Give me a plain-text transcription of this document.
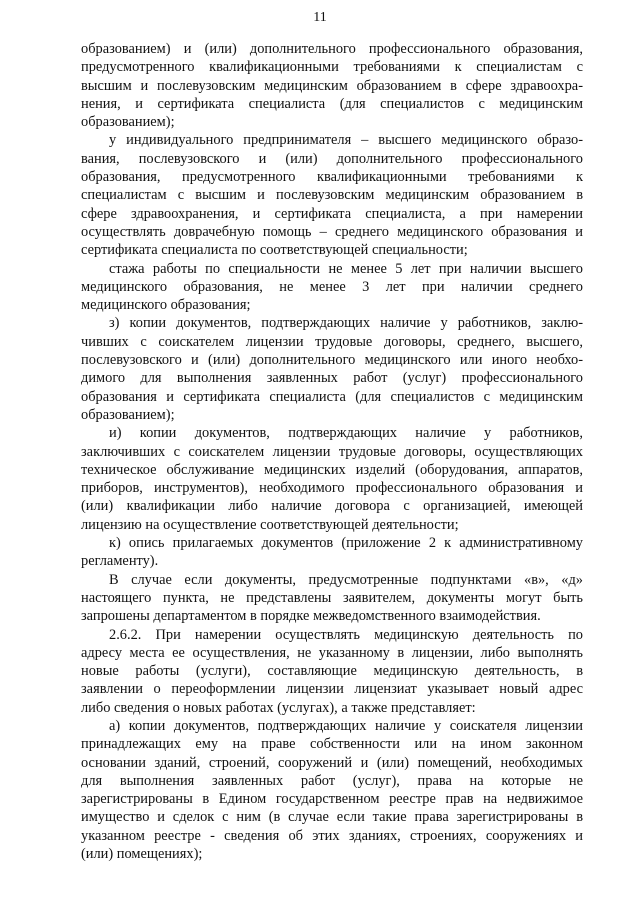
11
образованием) и (или) дополнительного профессионального образования,
предусмотренного квалификационными требованиями к специалистам с
высшим и послевузовским медицинским образованием в сфере здравоохра-
нения, и сертификата специалиста (для специалистов с медицинским
образованием);
у индивидуального предпринимателя – высшего медицинского образо-
вания, послевузовского и (или) дополнительного профессионального
образования, предусмотренного квалификационными требованиями к
специалистам с высшим и послевузовским медицинским образованием в
сфере здравоохранения, и сертификата специалиста, а при намерении
осуществлять доврачебную помощь – среднего медицинского образования и
сертификата специалиста по соответствующей специальности;
стажа работы по специальности не менее 5 лет при наличии высшего
медицинского образования, не менее 3 лет при наличии среднего
медицинского образования;
з) копии документов, подтверждающих наличие у работников, заклю-
чивших с соискателем лицензии трудовые договоры, среднего, высшего,
послевузовского и (или) дополнительного медицинского или иного необхо-
димого для выполнения заявленных работ (услуг) профессионального
образования и сертификата специалиста (для специалистов с медицинским
образованием);
и) копии документов, подтверждающих наличие у работников,
заключивших с соискателем лицензии трудовые договоры, осуществляющих
техническое обслуживание медицинских изделий (оборудования, аппаратов,
приборов, инструментов), необходимого профессионального образования и
(или) квалификации либо наличие договора с организацией, имеющей
лицензию на осуществление соответствующей деятельности;
к) опись прилагаемых документов (приложение 2 к административному
регламенту).
В случае если документы, предусмотренные подпунктами «в», «д»
настоящего пункта, не представлены заявителем, документы могут быть
запрошены департаментом в порядке межведомственного взаимодействия.
2.6.2. При намерении осуществлять медицинскую деятельность по
адресу места ее осуществления, не указанному в лицензии, либо выполнять
новые работы (услуги), составляющие медицинскую деятельность, в
заявлении о переоформлении лицензии лицензиат указывает новый адрес
либо сведения о новых работах (услугах), а также представляет:
а) копии документов, подтверждающих наличие у соискателя лицензии
принадлежащих ему на праве собственности или на ином законном
основании зданий, строений, сооружений и (или) помещений, необходимых
для выполнения заявленных работ (услуг), права на которые не
зарегистрированы в Едином государственном реестре прав на недвижимое
имущество и сделок с ним (в случае если такие права зарегистрированы в
указанном реестре - сведения об этих зданиях, строениях, сооружениях и
(или) помещениях);
